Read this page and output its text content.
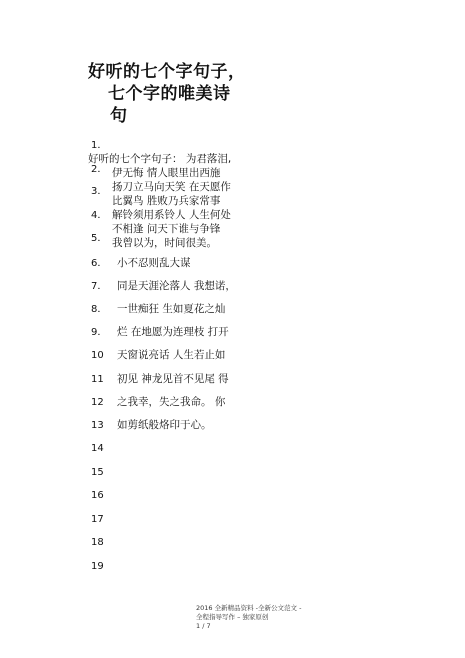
好听的七个字句子，
七个字的唯美诗
句
1．
2．
3．
4．
5．
6．
7．
8．
9．
10
11
12
13
14
15
16
17
18
19
好听的七个字句子： 为君落泪,
伊无悔 情人眼里出西施
扬刀立马向天笑 在天愿作
比翼鸟 胜败乃兵家常事
解铃须用系铃人 人生何处
不相逢 问天下谁与争锋
我曾以为，时间很美。
小不忍则乱大谋
同是天涯沦落人 我想诺，
一世痴狂 生如夏花之灿
烂 在地愿为连理枝 打开
天窗说亮话 人生若止如
初见 神龙见首不见尾 得
之我幸，失之我命。 你
如剪纸般烙印于心。
2016 全新精品资料 -全新公文范文 -
全程指导写作 – 独家原创
1 / 7
